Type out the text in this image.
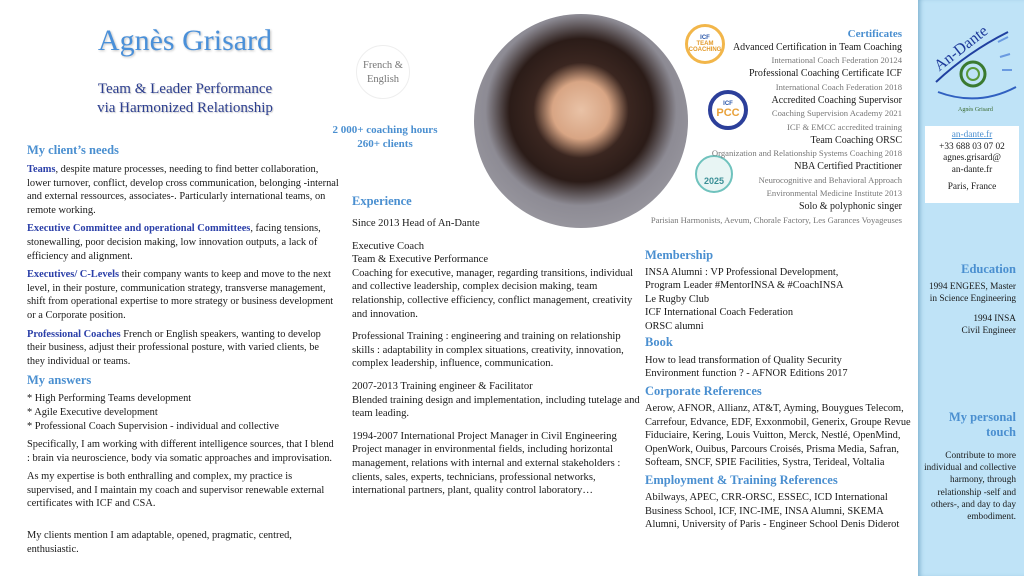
Agnès Grisard
Team & Leader Performance
via Harmonized Relationship
French &
English
2 000+ coaching hours
260+ clients
My client’s needs
Teams, despite mature processes, needing to find better collaboration, lower turnover, conflict, develop cross communication, belonging -internal and external ressources, associates-. Particularly international teams, on remote working.
Executive Committee and operational Committees, facing tensions, stonewalling, poor decision making, low innovation outputs, a lack of efficiency and alignment.
Executives/ C-Levels their company wants to keep and move to the next level, in their posture, communication strategy, transverse management, shift from operational expertise to more strategy or business development or a Corporate position.
Professional Coaches French or English speakers, wanting to develop their business, adjust their professional posture, with varied clients, be they individual or teams.
My answers
* High Performing Teams development
* Agile Executive development
* Professional Coach Supervision - individual and collective
Specifically, I am working with different intelligence sources, that I blend : brain via neuroscience, body via somatic approaches and improvisation.
As my expertise is both enthralling and complex, my practice is supervised, and I maintain my coach and supervisor renewable external certificates with ICF and CSA.
My clients mention I am adaptable, opened, pragmatic, centred, enthusiastic.
Experience
Since 2013 Head of An-Dante
Executive Coach
Team & Executive Performance
Coaching for executive, manager, regarding transitions, individual and collective leadership, complex decision making, team relationship, collective efficiency, conflict management, creativity and innovation.
Professional Training : engineering and training on relationship skills : adaptability in complex situations, creativity, innovation, complex leadership, influence, communication.
2007-2013 Training engineer & Facilitator
Blended training design and implementation, including tutelage and team leading.
1994-2007 International Project Manager in Civil Engineering
Project manager in environmental fields, including horizontal management, relations with internal and external stakeholders : clients, sales, experts, technicians, professional networks, international partners, plant, quality control laboratory…
ICF
TEAM
COACHING
ICF
PCC
2025
Certificates
Advanced Certification in Team Coaching
International Coach Federation 20124
Professional Coaching Certificate ICF
International Coach Federation 2018
Accredited Coaching Supervisor
Coaching Supervision Academy 2021
ICF & EMCC accredited training
Team Coaching ORSC
Organization and Relationship Systems Coaching 2018
NBA Certified Practitioner
Neurocognitive and Behavioral Approach
Environmental Medicine Institute 2013
Solo & polyphonic singer
Parisian Harmonists, Aevum, Chorale Factory, Les Garances Voyageuses
Membership
INSA Alumni : VP Professional Development,
Program Leader #MentorINSA & #CoachINSA
Le Rugby Club
ICF International Coach Federation
ORSC alumni
Book
How to lead transformation of Quality Security Environment function ? - AFNOR Editions 2017
Corporate References
Aerow, AFNOR, Allianz, AT&T, Ayming, Bouygues Telecom, Carrefour, Edvance, EDF, Exxonmobil, Generix, Groupe Revue Fiduciaire, Kering, Louis Vuitton, Merck, Nestlé, OpenMind, OpenWork, Ouibus, Parcours Croisés, Prisma Media, Safran, Softeam, SNCF, SPIE Facilities, Systra, Terideal, Voltalia
Employment & Training References
Abilways, APEC, CRR-ORSC, ESSEC, ICD International Business School, ICF, INC-IME, INSA Alumni, SKEMA Alumni, University of Paris - Engineer School Denis Diderot
An-Dante
Agnès Grisard
an-dante.fr
+33 688 03 07 02
agnes.grisard@
an-dante.fr
Paris, France
Education
1994 ENGEES, Master in Science Engineering
1994 INSA Civil Engineer
My personal touch
Contribute to more individual and collective harmony, through relationship -self and others-, and day to day embodiment.
